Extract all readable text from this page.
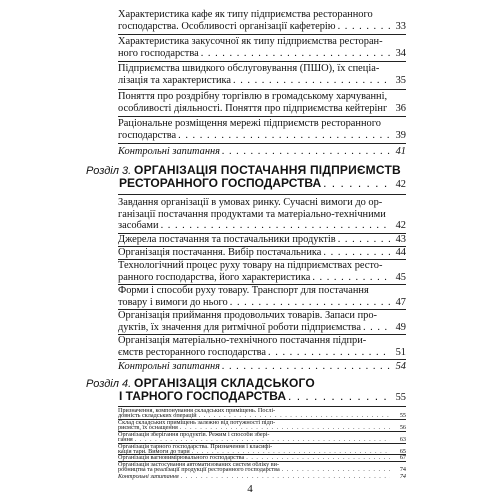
Характеристика кафе як типу підприємства ресторанного
господарства. Особливості організації кафетерію . . .	33
Характеристика закусочної як типу підприємства ресторан-
ного господарства . . .	34
Підприємства швидкого обслуговування (ПШО), їх спеціа-
лізація та характеристика . . .	35
Поняття про роздрібну торгівлю в громадському харчуванні,
особливості діяльності. Поняття про підприємства кейтерінг . . . 36
Раціональне розміщення мережі підприємств ресторанного
господарства . . .	39
Контрольні запитання . . .	41
Розділ 3. ОРГАНІЗАЦІЯ ПОСТАЧАННЯ ПІДПРИЄМСТВ
РЕСТОРАННОГО ГОСПОДАРСТВА . . .	42
Завдання організації в умовах ринку. Сучасні вимоги до ор-
ганізації постачання продуктами та матеріально-технічними
засобами . . .	42
Джерела постачання та постачальники продуктів . . .	43
Організація постачання. Вибір постачальника . . .	44
Технологічний процес руху товару на підприємствах ресто-
ранного господарства, його характеристика . . .	45
Форми і способи руху товару. Транспорт для постачання
товару і вимоги до нього . . .	47
Організація приймання продовольчих товарів. Запаси про-
дуктів, їх значення для ритмічної роботи підприємства . . .	49
Організація матеріально-технічного постачання підпри-
ємств ресторанного господарства . . .	51
Контрольні запитання . . .	54
Розділ 4. ОРГАНІЗАЦІЯ СКЛАДСЬКОГО
І ТАРНОГО ГОСПОДАРСТВА . . .	55
4
Призначення, компонування складських приміщень. Послі-
довність складських операцій . . .	55
Склад складських приміщень залежно від потужності підп-
риємств, їх оснащення . . .	56
Організація зберігання продуктів. Режим і способи збері-
гання . . .	63
Організація тарного господарства. Призначення і класифі-
кація тари. Вимоги до тари . . .	65
Організація вагновимірювального господарства . . .	67
Організація застосування автоматизованих систем обліку ви-
робництва та реалізації продукції ресторанного господарства . . .	74
Контрольні запитання . . .	74
